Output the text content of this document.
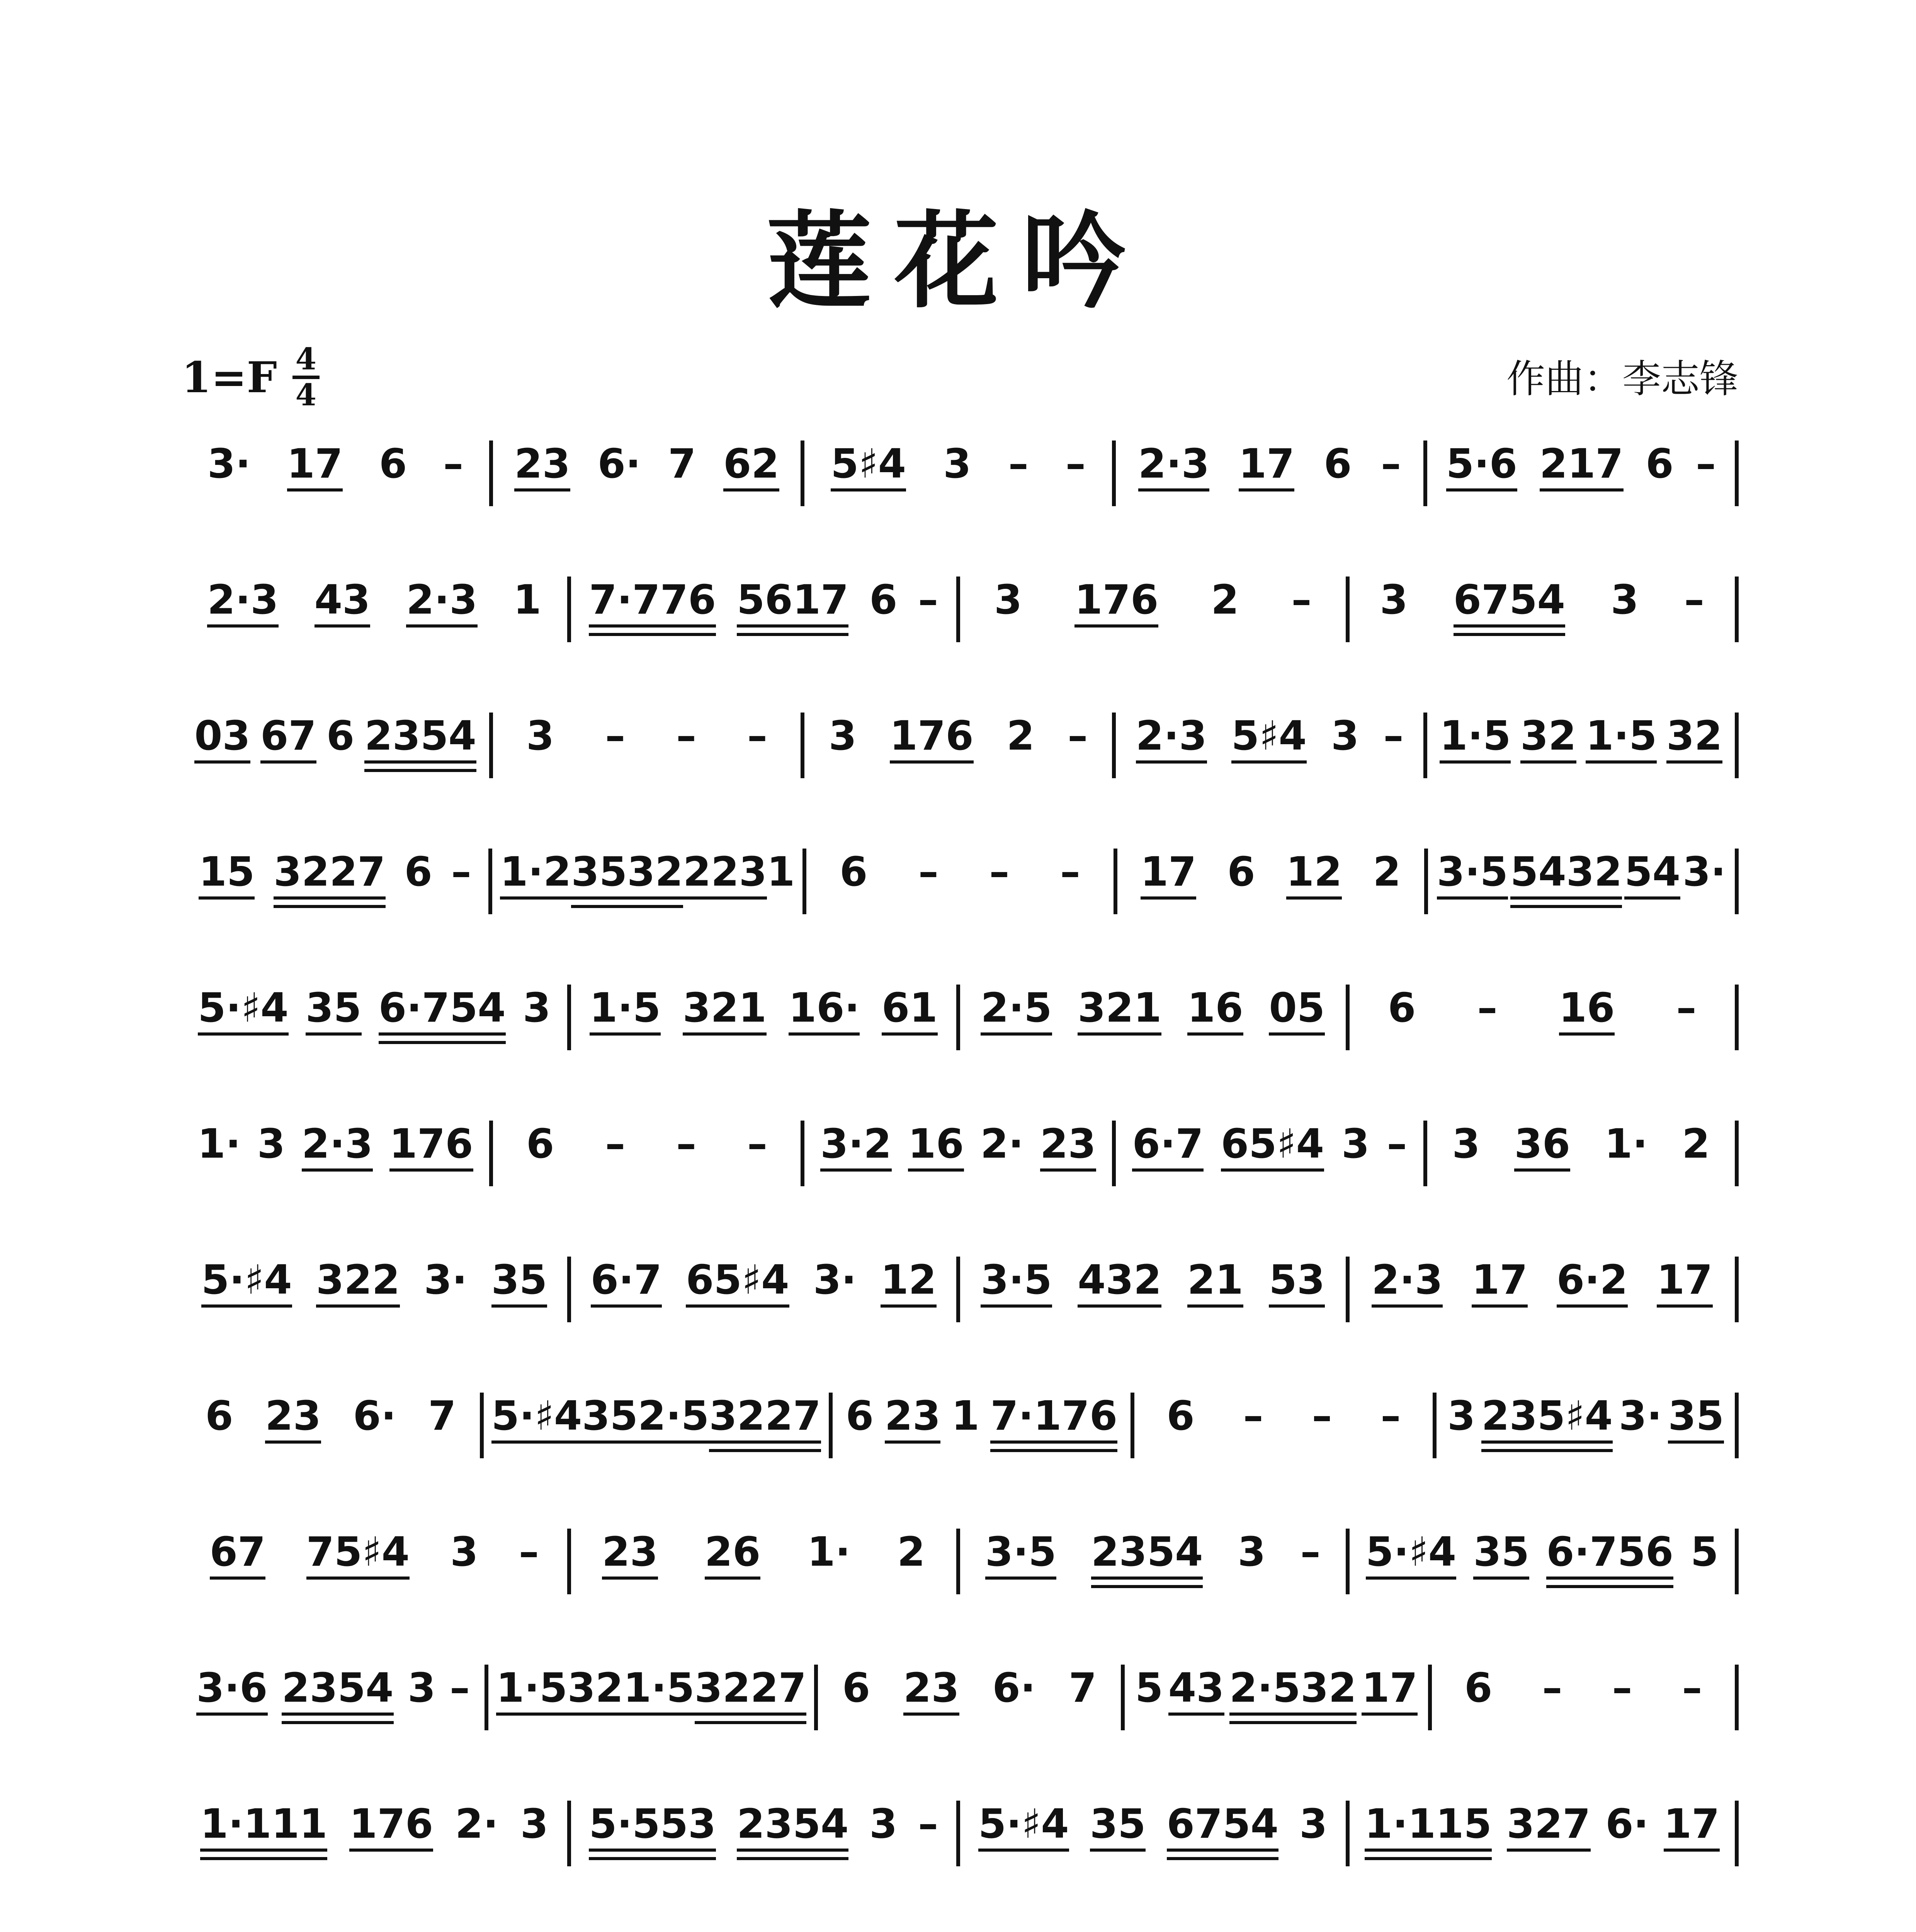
莲花吟
1=F 4
4	作曲：李志锋
3· 17 6 – 23 6· 7 62 5♯4 3 – – 2·3 17 6 – 5·6 217 6 –
2·3 43 2·3 1 7·776 5617 6 – 3 176 2 – 3 6754 3 –
03 67 6 2354 3 – – – 3 176 2 – 2·3 5♯4 3 – 1·5 32 1·5 32
15 3227 6 – 1·2 3532 223 1 6 – – – 17 6 12 2 3·5 5432 54 3·
5·♯4 35 6·754 3 1·5 321 16· 61 2·5 321 16 05 6 – 16 –
1· 3 2·3 176 6 – – – 3·2 16 2· 23 6·7 65♯4 3 – 3 36 1· 2
5·♯4 322 3· 35 6·7 65♯4 3· 12 3·5 432 21 53 2·3 17 6·2 17
6 23 6· 7 5·♯4 35 2·5 3227 6 23 1 7·176 6 – – – 3 235♯4 3· 35
67 75♯4 3 – 23 26 1· 2 3·5 2354 3 – 5·♯4 35 6·756 5
3·6 2354 3 – 1·5 32 1·5 3227 6 23 6· 7 5 43 2·532 17 6 – – –
1·111 176 2· 3 5·553 2354 3 – 5·♯4 35 6754 3 1·115 327 6· 17
